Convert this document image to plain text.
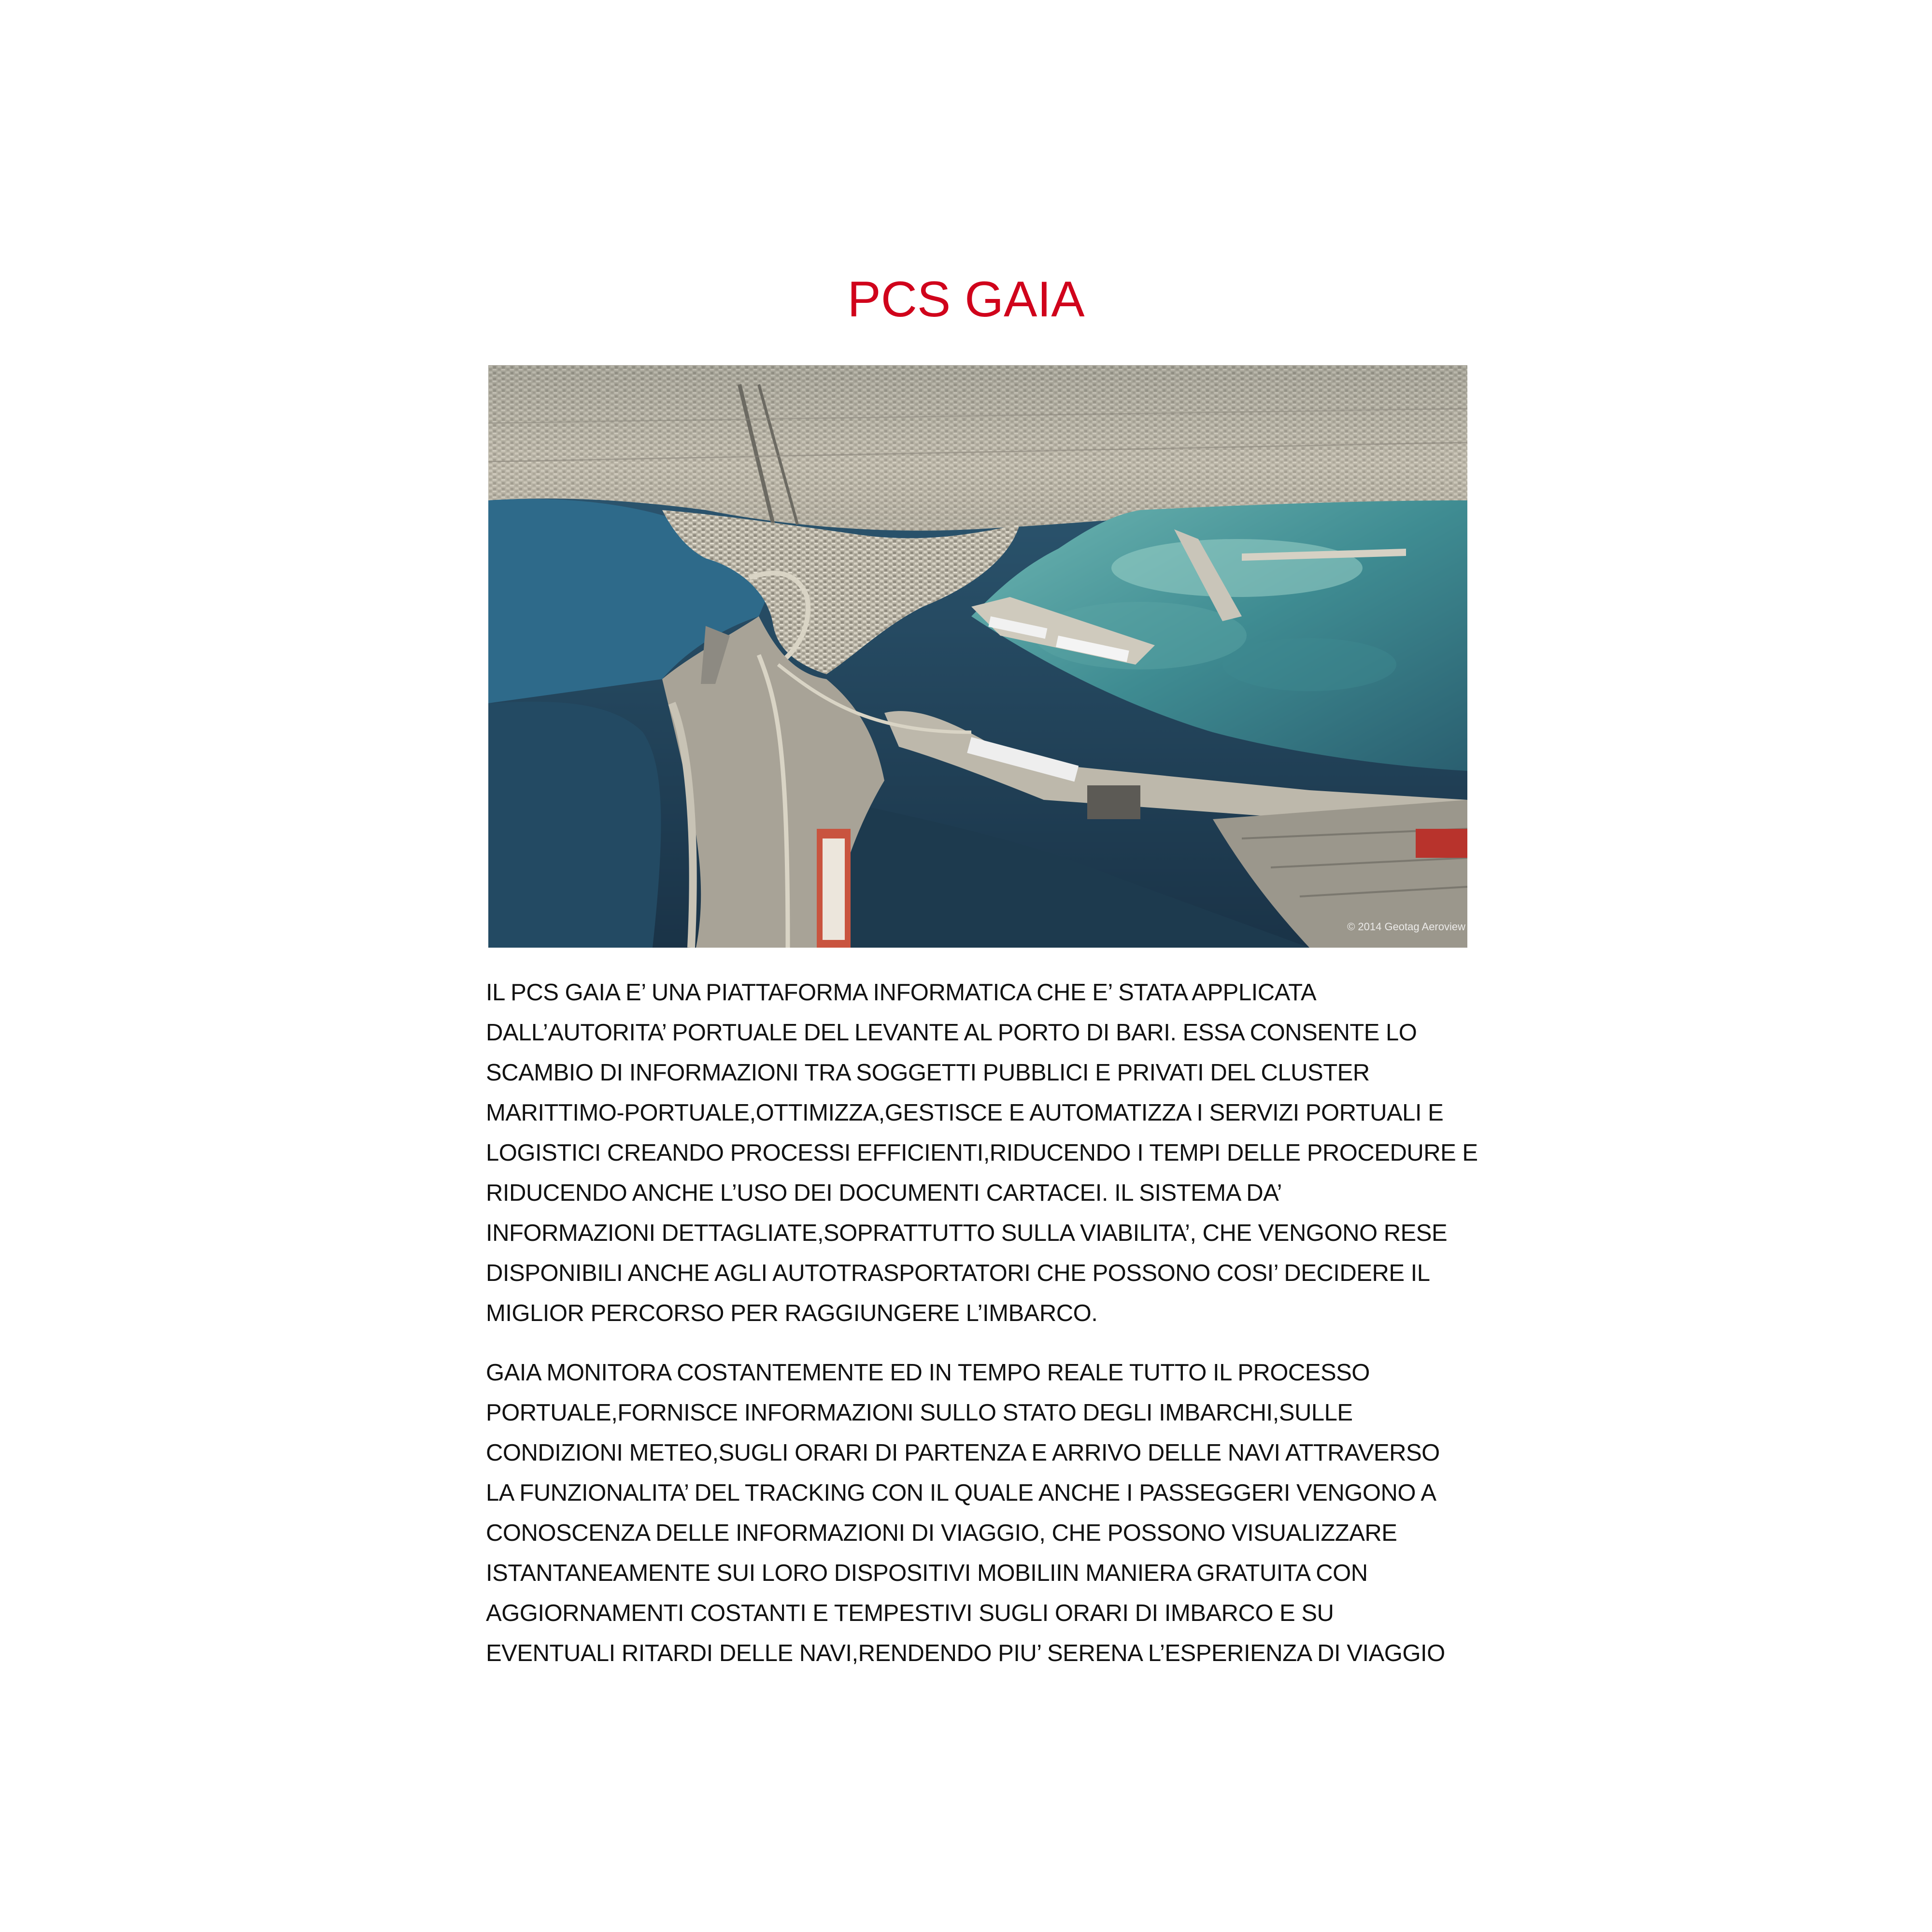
PCS GAIA
© 2014 Geotag Aeroview
IL PCS GAIA E’ UNA PIATTAFORMA INFORMATICA CHE E’ STATA APPLICATA
DALL’AUTORITA’ PORTUALE DEL LEVANTE AL PORTO DI BARI. ESSA CONSENTE LO
SCAMBIO DI INFORMAZIONI TRA SOGGETTI PUBBLICI E PRIVATI DEL CLUSTER
MARITTIMO-PORTUALE,OTTIMIZZA,GESTISCE E AUTOMATIZZA I SERVIZI PORTUALI E
LOGISTICI CREANDO PROCESSI EFFICIENTI,RIDUCENDO I TEMPI DELLE PROCEDURE E
RIDUCENDO ANCHE L’USO DEI DOCUMENTI CARTACEI. IL SISTEMA DA’
INFORMAZIONI DETTAGLIATE,SOPRATTUTTO SULLA VIABILITA’, CHE VENGONO RESE
DISPONIBILI ANCHE AGLI AUTOTRASPORTATORI CHE POSSONO COSI’ DECIDERE IL
MIGLIOR PERCORSO PER RAGGIUNGERE L’IMBARCO.
GAIA MONITORA COSTANTEMENTE ED IN TEMPO REALE TUTTO IL PROCESSO
PORTUALE,FORNISCE INFORMAZIONI SULLO STATO DEGLI IMBARCHI,SULLE
CONDIZIONI METEO,SUGLI ORARI DI PARTENZA E ARRIVO DELLE NAVI ATTRAVERSO
LA FUNZIONALITA’ DEL TRACKING CON IL QUALE ANCHE I PASSEGGERI VENGONO A
CONOSCENZA DELLE INFORMAZIONI DI VIAGGIO, CHE POSSONO VISUALIZZARE
ISTANTANEAMENTE SUI LORO DISPOSITIVI MOBILIIN MANIERA GRATUITA CON
AGGIORNAMENTI COSTANTI E TEMPESTIVI SUGLI ORARI DI IMBARCO E SU
EVENTUALI RITARDI DELLE NAVI,RENDENDO PIU’ SERENA L’ESPERIENZA DI VIAGGIO
